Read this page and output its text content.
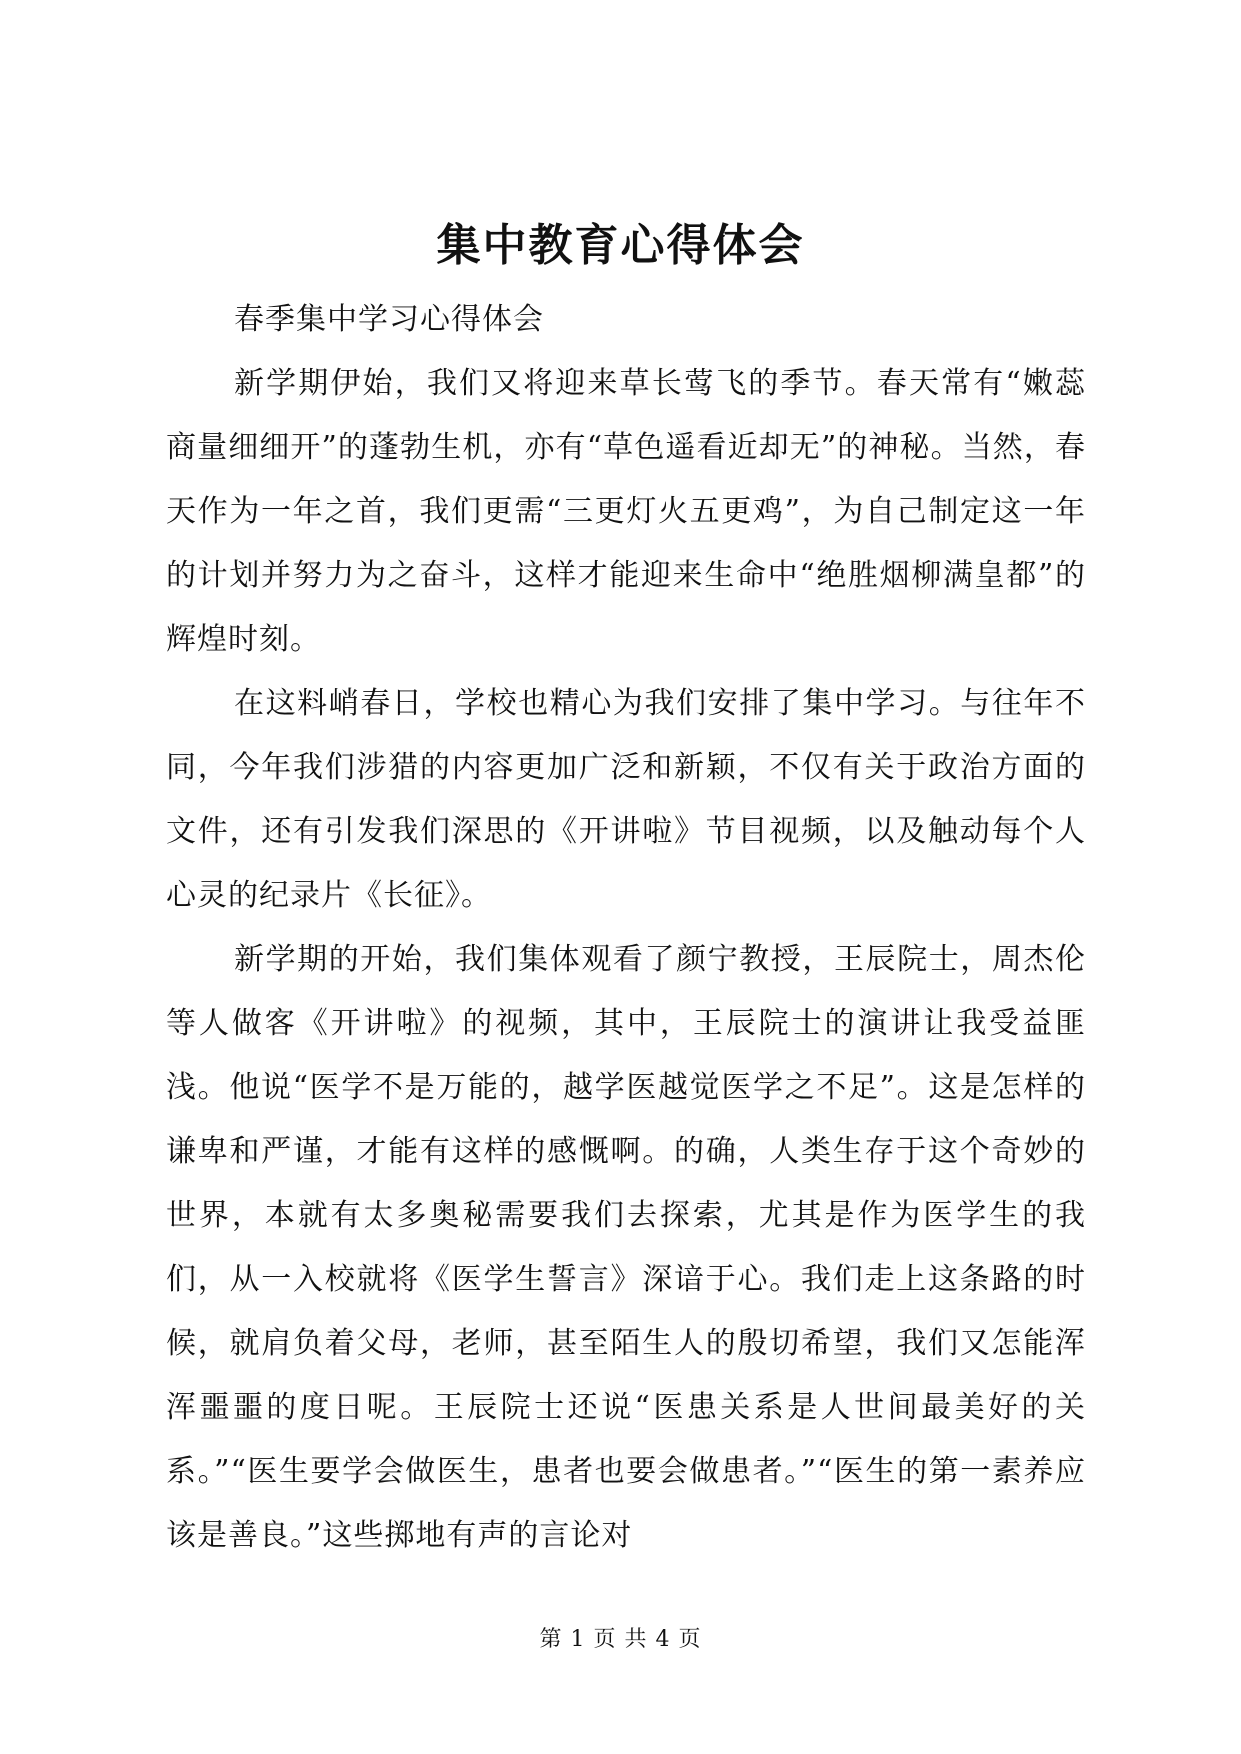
集中教育心得体会

春季集中学习心得体会

新学期伊始，我们又将迎来草长莺飞的季节。春天常有“嫩蕊商量细细开”的蓬勃生机，亦有“草色遥看近却无”的神秘。当然，春天作为一年之首，我们更需“三更灯火五更鸡”，为自己制定这一年的计划并努力为之奋斗，这样才能迎来生命中“绝胜烟柳满皇都”的辉煌时刻。

在这料峭春日，学校也精心为我们安排了集中学习。与往年不同，今年我们涉猎的内容更加广泛和新颖，不仅有关于政治方面的文件，还有引发我们深思的《开讲啦》节目视频，以及触动每个人心灵的纪录片《长征》。

新学期的开始，我们集体观看了颜宁教授，王辰院士，周杰伦等人做客《开讲啦》的视频，其中，王辰院士的演讲让我受益匪浅。他说“医学不是万能的，越学医越觉医学之不足”。这是怎样的谦卑和严谨，才能有这样的感慨啊。的确，人类生存于这个奇妙的世界，本就有太多奥秘需要我们去探索，尤其是作为医学生的我们，从一入校就将《医学生誓言》深谙于心。我们走上这条路的时候，就肩负着父母，老师，甚至陌生人的殷切希望，我们又怎能浑浑噩噩的度日呢。王辰院士还说“医患关系是人世间最美好的关系。”“医生要学会做医生，患者也要会做患者。”“医生的第一素养应该是善良。”这些掷地有声的言论对

第 1 页 共 4 页
